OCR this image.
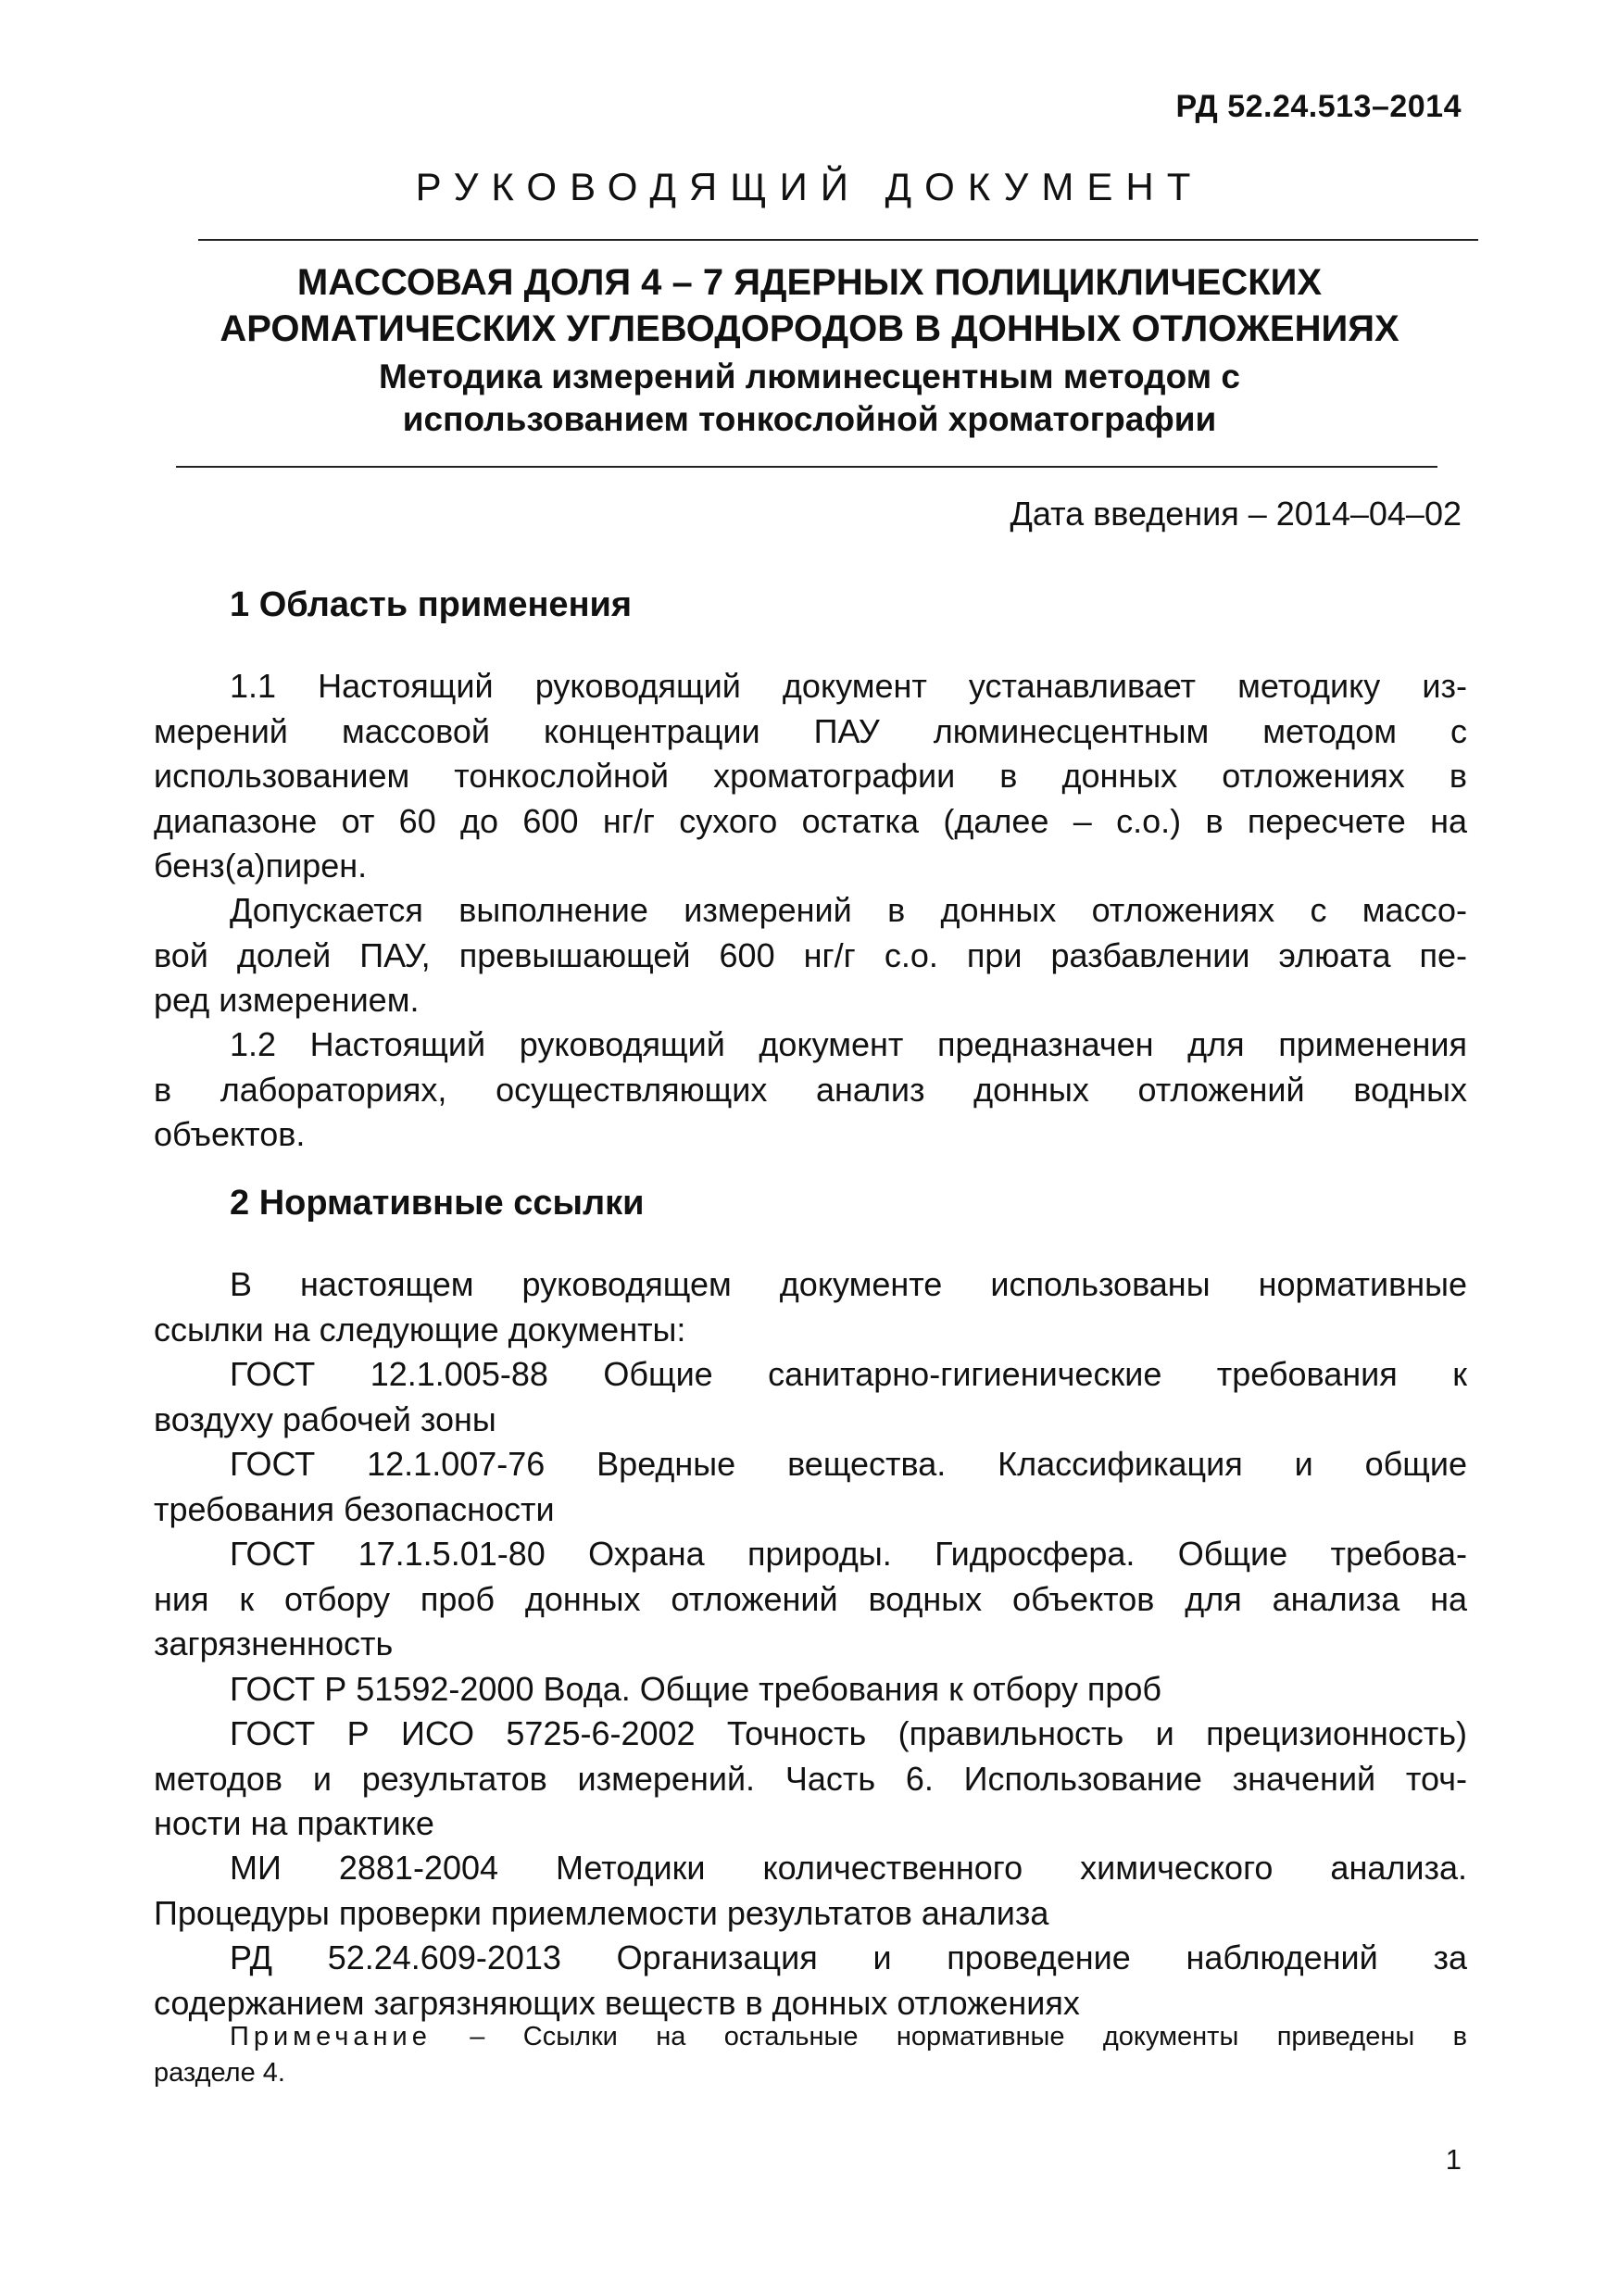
РД 52.24.513–2014
РУКОВОДЯЩИЙ ДОКУМЕНТ
МАССОВАЯ ДОЛЯ 4 – 7 ЯДЕРНЫХ ПОЛИЦИКЛИЧЕСКИХ
АРОМАТИЧЕСКИХ УГЛЕВОДОРОДОВ В ДОННЫХ ОТЛОЖЕНИЯХ
Методика измерений люминесцентным методом с
использованием тонкослойной хроматографии
Дата введения – 2014–04–02
1 Область применения
1.1 Настоящий руководящий документ устанавливает методику из-
мерений массовой концентрации ПАУ люминесцентным методом с
использованием тонкослойной хроматографии в донных отложениях в
диапазоне от 60 до 600 нг/г сухого остатка (далее – с.о.) в пересчете на
бенз(а)пирен.
Допускается выполнение измерений в донных отложениях с массо-
вой долей ПАУ, превышающей 600 нг/г с.о. при разбавлении элюата пе-
ред измерением.
1.2 Настоящий руководящий документ предназначен для применения
в лабораториях, осуществляющих анализ донных отложений водных
объектов.
2 Нормативные ссылки
В настоящем руководящем документе использованы нормативные
ссылки на следующие документы:
ГОСТ 12.1.005-88 Общие санитарно-гигиенические требования к
воздуху рабочей зоны
ГОСТ 12.1.007-76 Вредные вещества. Классификация и общие
требования безопасности
ГОСТ 17.1.5.01-80 Охрана природы. Гидросфера. Общие требова-
ния к отбору проб донных отложений водных объектов для анализа на
загрязненность
ГОСТ Р 51592-2000 Вода. Общие требования к отбору проб
ГОСТ Р ИСО 5725-6-2002 Точность (правильность и прецизионность)
методов и результатов измерений. Часть 6. Использование значений точ-
ности на практике
МИ 2881-2004 Методики количественного химического анализа.
Процедуры проверки приемлемости результатов анализа
РД 52.24.609-2013 Организация и проведение наблюдений за
содержанием загрязняющих веществ в донных отложениях
Примечание – Ссылки на остальные нормативные документы приведены в
разделе 4.
1
